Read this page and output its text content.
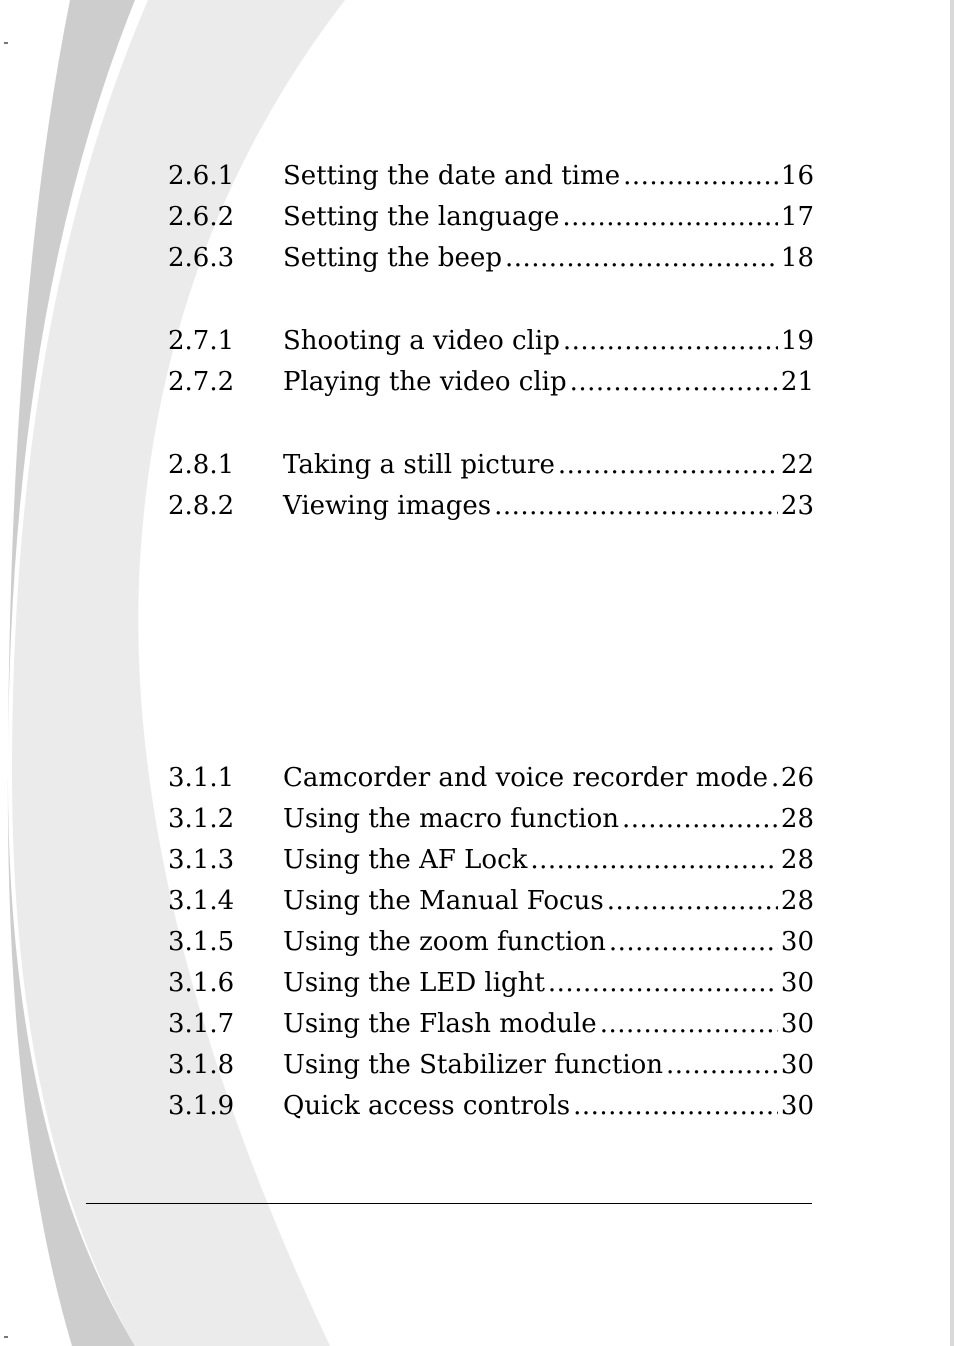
2.6.1	Setting the date and time .....	16
2.6.2	Setting the language .....	17
2.6.3	Setting the beep .....	18
2.7.1	Shooting a video clip .....	19
2.7.2	Playing the video clip .....	21
2.8.1	Taking a still picture .....	22
2.8.2	Viewing images .....	23
3.1.1	Camcorder and voice recorder mode ..... 26
3.1.2	Using the macro function .....	28
3.1.3	Using the AF Lock .....	28
3.1.4	Using the Manual Focus .....	28
3.1.5	Using the zoom function .....	30
3.1.6	Using the LED light .....	30
3.1.7	Using the Flash module .....	30
3.1.8	Using the Stabilizer function .....	30
3.1.9	Quick access controls .....	30
